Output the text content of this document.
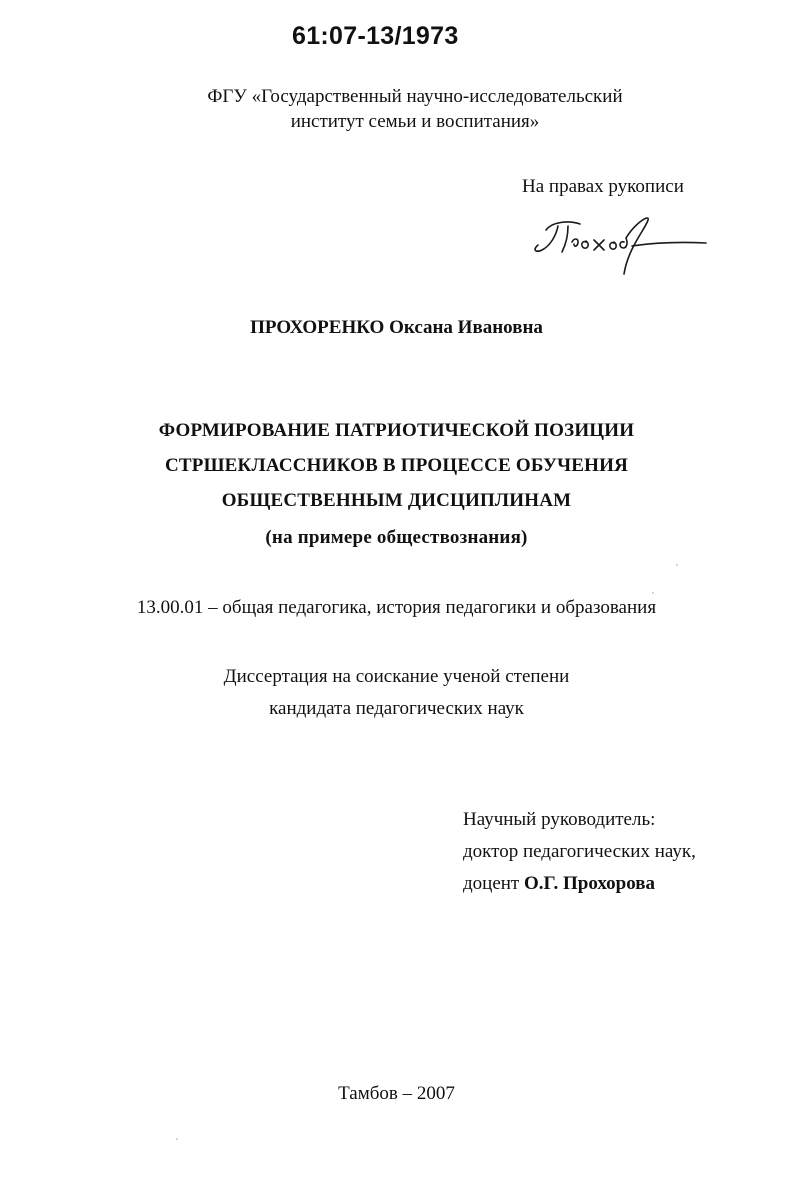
61:07-13/1973
ФГУ «Государственный научно-исследовательский
институт семьи и воспитания»
На правах рукописи
ПРОХОРЕНКО Оксана Ивановна
ФОРМИРОВАНИЕ ПАТРИОТИЧЕСКОЙ ПОЗИЦИИ
СТРШЕКЛАССНИКОВ В ПРОЦЕССЕ ОБУЧЕНИЯ
ОБЩЕСТВЕННЫМ ДИСЦИПЛИНАМ
(на примере обществознания)
13.00.01 – общая педагогика, история педагогики и образования
Диссертация на соискание ученой степени
кандидата педагогических наук
Научный руководитель:
доктор педагогических наук,
доцент О.Г. Прохорова
Тамбов – 2007
